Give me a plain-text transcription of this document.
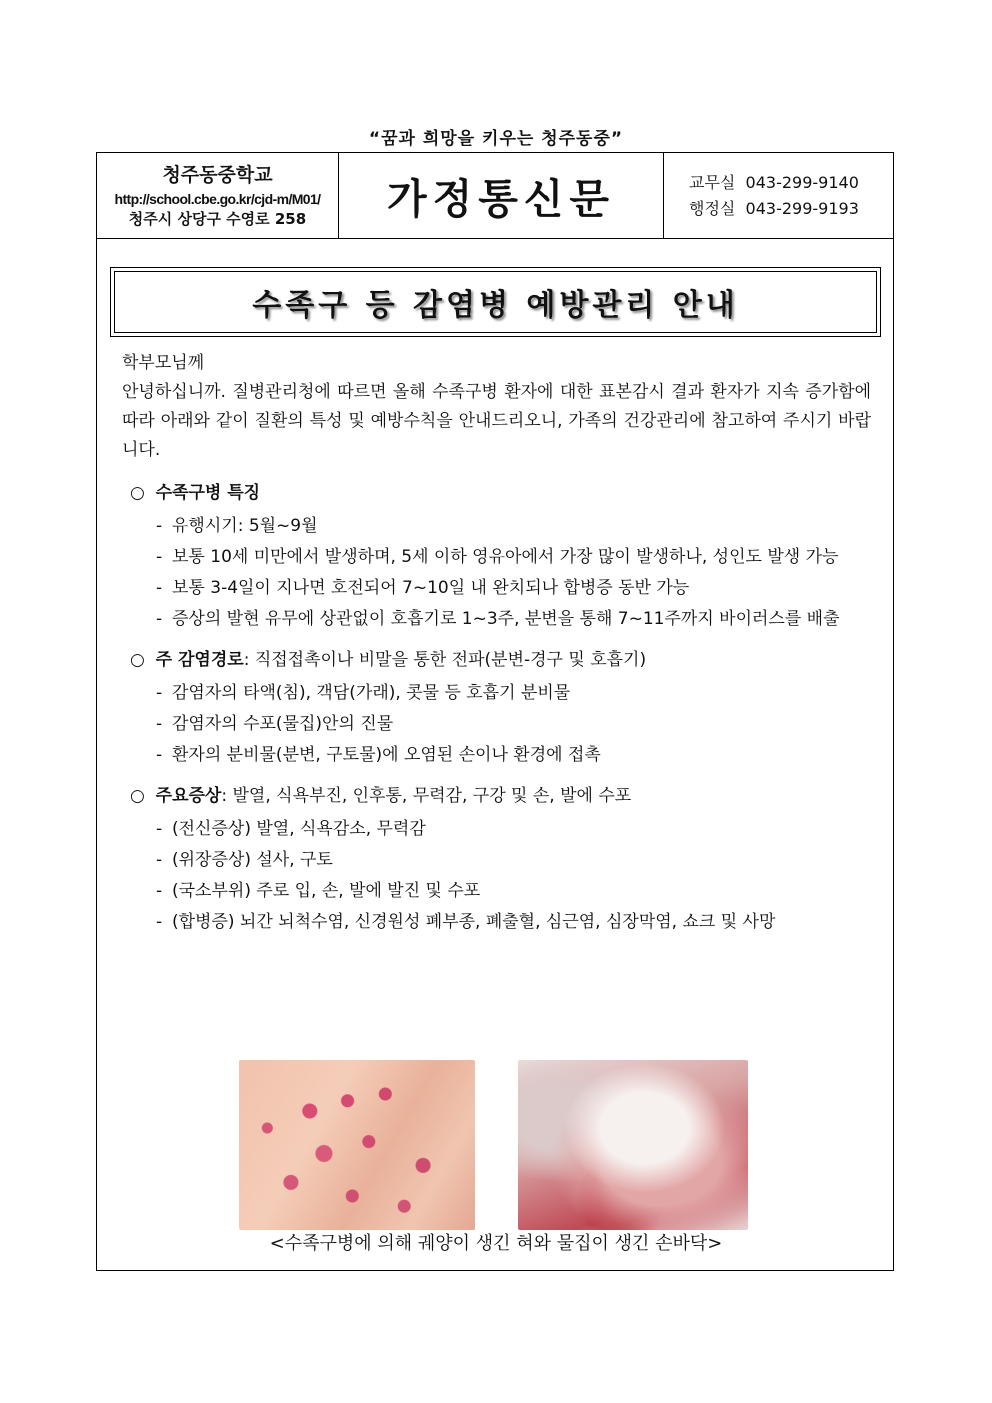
“꿈과 희망을 키우는 청주동중”
청주동중학교
http://school.cbe.go.kr/cjd-m/M01/
청주시 상당구 수영로 258 가정통신문	교무실 043-299-9140
행정실 043-299-9193
수족구 등 감염병 예방관리 안내
학부모님께
안녕하십니까. 질병관리청에 따르면 올해 수족구병 환자에 대한 표본감시 결과 환자가 지속 증가함에 따라 아래와 같이 질환의 특성 및 예방수칙을 안내드리오니, 가족의 건강관리에 참고하여 주시기 바랍니다.
○ 수족구병 특징
- 유행시기: 5월~9월
- 보통 10세 미만에서 발생하며, 5세 이하 영유아에서 가장 많이 발생하나, 성인도 발생 가능
- 보통 3-4일이 지나면 호전되어 7~10일 내 완치되나 합병증 동반 가능
- 증상의 발현 유무에 상관없이 호흡기로 1~3주, 분변을 통해 7~11주까지 바이러스를 배출
○ 주 감염경로: 직접접촉이나 비말을 통한 전파(분변-경구 및 호흡기)
- 감염자의 타액(침), 객담(가래), 콧물 등 호흡기 분비물
- 감염자의 수포(물집)안의 진물
- 환자의 분비물(분변, 구토물)에 오염된 손이나 환경에 접촉
○ 주요증상: 발열, 식욕부진, 인후통, 무력감, 구강 및 손, 발에 수포
- (전신증상) 발열, 식욕감소, 무력감
- (위장증상) 설사, 구토
- (국소부위) 주로 입, 손, 발에 발진 및 수포
- (합병증) 뇌간 뇌척수염, 신경원성 폐부종, 폐출혈, 심근염, 심장막염, 쇼크 및 사망
<수족구병에 의해 궤양이 생긴 혀와 물집이 생긴 손바닥>
